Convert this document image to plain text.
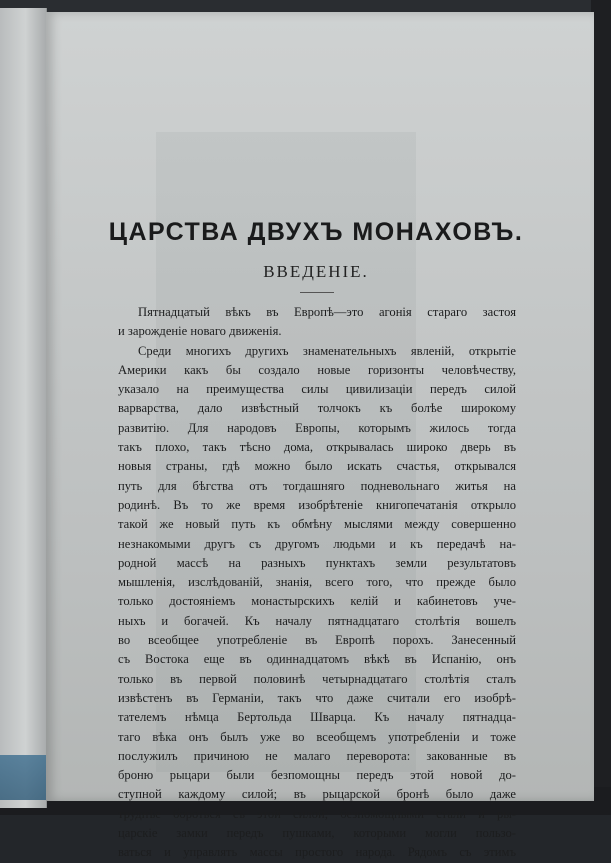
ЦАРСТВА ДВУХЪ МОНАХОВЪ.
ВВЕДЕНІЕ.
Пятнадцатый вѣкъ въ Европѣ—это агонія стараго застоя
и зарожденіе новаго движенія.
Среди многихъ другихъ знаменательныхъ явленій, открытіе
Америки какъ бы создало новые горизонты человѣчеству,
указало на преимущества силы цивилизаціи передъ силой
варварства, дало извѣстный толчокъ къ болѣе широкому
развитію. Для народовъ Европы, которымъ жилось тогда
такъ плохо, такъ тѣсно дома, открывалась широко дверь въ
новыя страны, гдѣ можно было искать счастья, открывался
путь для бѣгства отъ тогдашняго подневольнаго житья на
родинѣ. Въ то же время изобрѣтеніе книгопечатанія открыло
такой же новый путь къ обмѣну мыслями между совершенно
незнакомыми другъ съ другомъ людьми и къ передачѣ на-
родной массѣ на разныхъ пунктахъ земли результатовъ
мышленія, изслѣдованій, знанія, всего того, что прежде было
только достояніемъ монастырскихъ келій и кабинетовъ уче-
ныхъ и богачей. Къ началу пятнадцатаго столѣтія вошелъ
во всеобщее употребленіе въ Европѣ порохъ. Занесенный
съ Востока еще въ одиннадцатомъ вѣкѣ въ Испанію, онъ
только въ первой половинѣ четырнадцатаго столѣтія сталъ
извѣстенъ въ Германіи, такъ что даже считали его изобрѣ-
тателемъ нѣмца Бертольда Шварца. Къ началу пятнадца-
таго вѣка онъ былъ уже во всеобщемъ употребленіи и тоже
послужилъ причиною не малаго переворота: закованные въ
броню рыцари были безпомощны передъ этой новой до-
ступной каждому силой; въ рыцарской бронѣ было даже
труднѣе бороться съ этой силой; безпомощными стали и ры-
царскіе замки передъ пушками, которыми могли пользо-
ваться и управлять массы простого народа. Рядомъ съ этимъ
